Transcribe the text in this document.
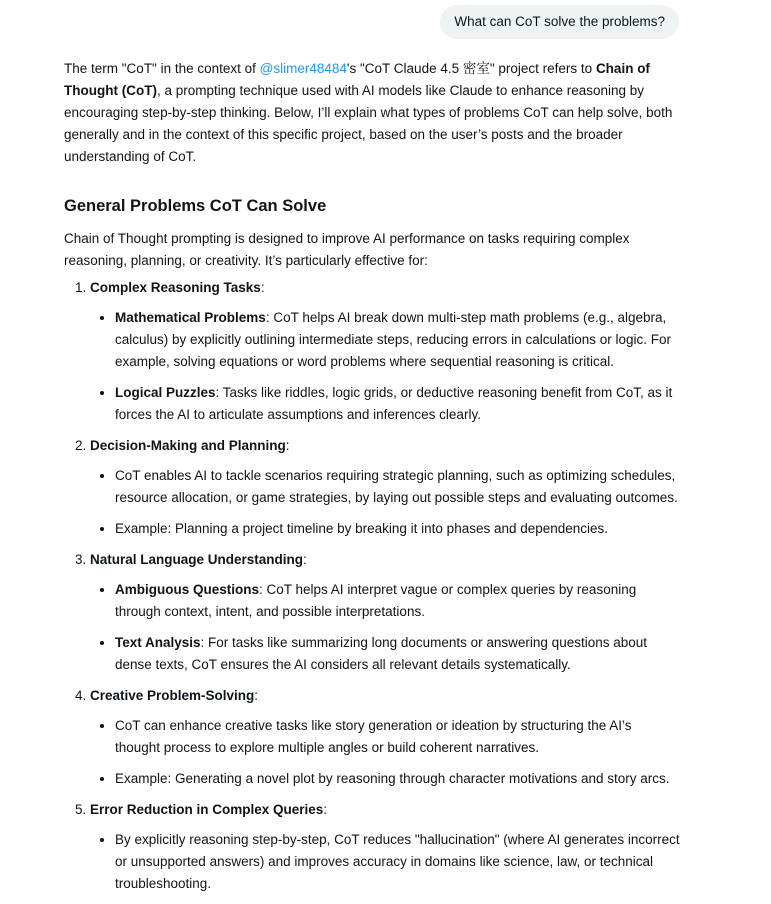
What can CoT solve the problems?

The term "CoT" in the context of @slimer48484's "CoT Claude 4.5 密室" project refers to Chain of Thought (CoT), a prompting technique used with AI models like Claude to enhance reasoning by encouraging step-by-step thinking. Below, I’ll explain what types of problems CoT can help solve, both generally and in the context of this specific project, based on the user’s posts and the broader understanding of CoT.

General Problems CoT Can Solve

Chain of Thought prompting is designed to improve AI performance on tasks requiring complex reasoning, planning, or creativity. It’s particularly effective for:

1. Complex Reasoning Tasks:
• Mathematical Problems: CoT helps AI break down multi-step math problems (e.g., algebra, calculus) by explicitly outlining intermediate steps, reducing errors in calculations or logic. For example, solving equations or word problems where sequential reasoning is critical.
• Logical Puzzles: Tasks like riddles, logic grids, or deductive reasoning benefit from CoT, as it forces the AI to articulate assumptions and inferences clearly.
2. Decision-Making and Planning:
• CoT enables AI to tackle scenarios requiring strategic planning, such as optimizing schedules, resource allocation, or game strategies, by laying out possible steps and evaluating outcomes.
• Example: Planning a project timeline by breaking it into phases and dependencies.
3. Natural Language Understanding:
• Ambiguous Questions: CoT helps AI interpret vague or complex queries by reasoning through context, intent, and possible interpretations.
• Text Analysis: For tasks like summarizing long documents or answering questions about dense texts, CoT ensures the AI considers all relevant details systematically.
4. Creative Problem-Solving:
• CoT can enhance creative tasks like story generation or ideation by structuring the AI’s thought process to explore multiple angles or build coherent narratives.
• Example: Generating a novel plot by reasoning through character motivations and story arcs.
5. Error Reduction in Complex Queries:
• By explicitly reasoning step-by-step, CoT reduces "hallucination" (where AI generates incorrect or unsupported answers) and improves accuracy in domains like science, law, or technical troubleshooting.
